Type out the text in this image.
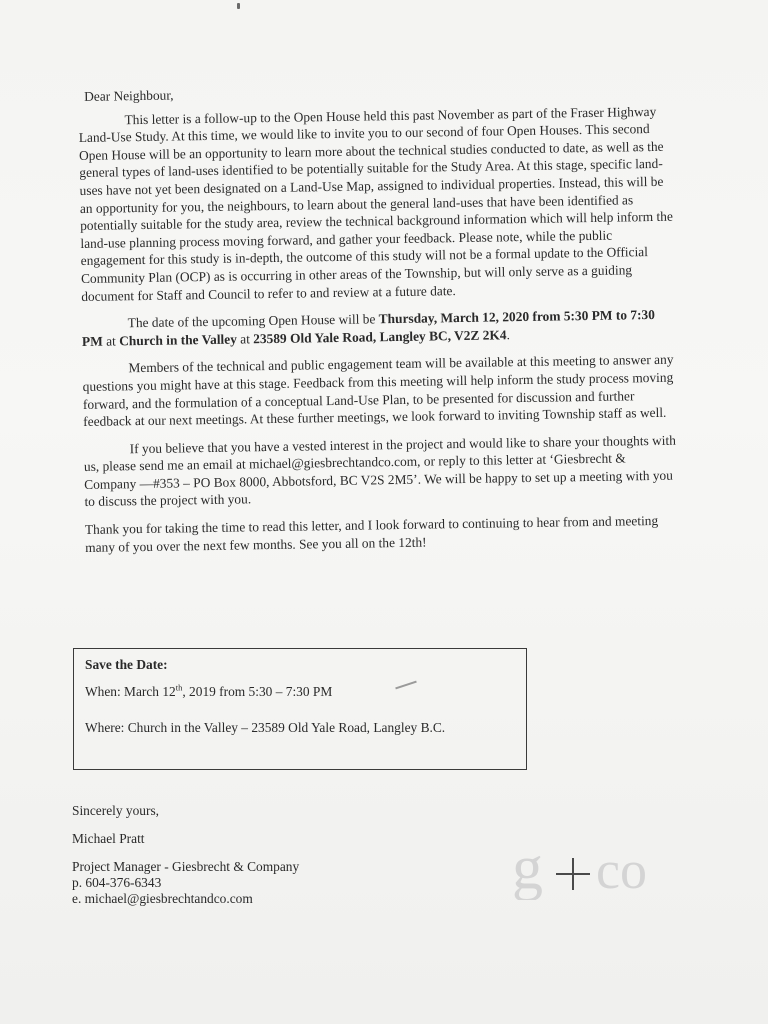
Dear Neighbour,

This letter is a follow-up to the Open House held this past November as part of the Fraser Highway Land-Use Study. At this time, we would like to invite you to our second of four Open Houses. This second Open House will be an opportunity to learn more about the technical studies conducted to date, as well as the general types of land-uses identified to be potentially suitable for the Study Area. At this stage, specific land-uses have not yet been designated on a Land-Use Map, assigned to individual properties. Instead, this will be an opportunity for you, the neighbours, to learn about the general land-uses that have been identified as potentially suitable for the study area, review the technical background information which will help inform the land-use planning process moving forward, and gather your feedback. Please note, while the public engagement for this study is in-depth, the outcome of this study will not be a formal update to the Official Community Plan (OCP) as is occurring in other areas of the Township, but will only serve as a guiding document for Staff and Council to refer to and review at a future date.

The date of the upcoming Open House will be Thursday, March 12, 2020 from 5:30 PM to 7:30 PM at Church in the Valley at 23589 Old Yale Road, Langley BC, V2Z 2K4.

Members of the technical and public engagement team will be available at this meeting to answer any questions you might have at this stage. Feedback from this meeting will help inform the study process moving forward, and the formulation of a conceptual Land-Use Plan, to be presented for discussion and further feedback at our next meetings. At these further meetings, we look forward to inviting Township staff as well.

If you believe that you have a vested interest in the project and would like to share your thoughts with us, please send me an email at michael@giesbrechtandco.com, or reply to this letter at ‘Giesbrecht & Company —#353 – PO Box 8000, Abbotsford, BC V2S 2M5’. We will be happy to set up a meeting with you to discuss the project with you.

Thank you for taking the time to read this letter, and I look forward to continuing to hear from and meeting many of you over the next few months. See you all on the 12th!

Save the Date:
When: March 12th, 2019 from 5:30 – 7:30 PM
Where: Church in the Valley – 23589 Old Yale Road, Langley B.C.

Sincerely yours,

Michael Pratt

Project Manager - Giesbrecht & Company

p. 604-376-6343

e. michael@giesbrechtandco.com	g co
